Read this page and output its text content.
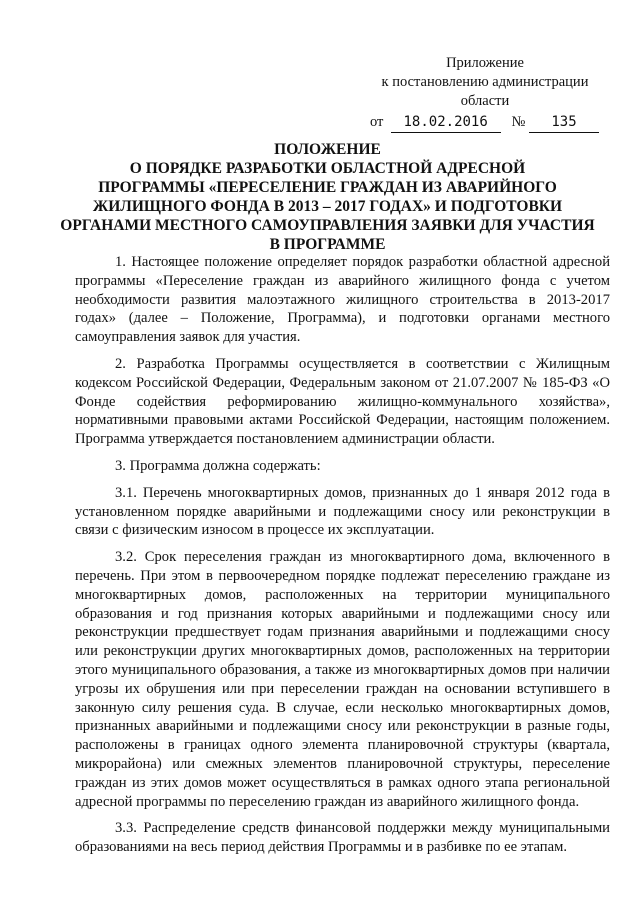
Приложение
к постановлению администрации
области
от 18.02.2016 № 135
ПОЛОЖЕНИЕ
О ПОРЯДКЕ РАЗРАБОТКИ ОБЛАСТНОЙ АДРЕСНОЙ
ПРОГРАММЫ «ПЕРЕСЕЛЕНИЕ ГРАЖДАН ИЗ АВАРИЙНОГО
ЖИЛИЩНОГО ФОНДА В 2013 – 2017 ГОДАХ» И ПОДГОТОВКИ
ОРГАНАМИ МЕСТНОГО САМОУПРАВЛЕНИЯ ЗАЯВКИ ДЛЯ УЧАСТИЯ
В ПРОГРАММЕ

1. Настоящее положение определяет порядок разработки областной адресной программы «Переселение граждан из аварийного жилищного фонда с учетом необходимости развития малоэтажного жилищного строительства в 2013-2017 годах» (далее – Положение, Программа), и подготовки органами местного самоуправления заявок для участия.

2. Разработка Программы осуществляется в соответствии с Жилищным кодексом Российской Федерации, Федеральным законом от 21.07.2007 № 185-ФЗ «О Фонде содействия реформированию жилищно-коммунального хозяйства», нормативными правовыми актами Российской Федерации, настоящим положением. Программа утверждается постановлением администрации области.

3. Программа должна содержать:

3.1. Перечень многоквартирных домов, признанных до 1 января 2012 года в установленном порядке аварийными и подлежащими сносу или реконструкции в связи с физическим износом в процессе их эксплуатации.

3.2. Срок переселения граждан из многоквартирного дома, включенного в перечень. При этом в первоочередном порядке подлежат переселению граждане из многоквартирных домов, расположенных на территории муниципального образования и год признания которых аварийными и подлежащими сносу или реконструкции предшествует годам признания аварийными и подлежащими сносу или реконструкции других многоквартирных домов, расположенных на территории этого муниципального образования, а также из многоквартирных домов при наличии угрозы их обрушения или при переселении граждан на основании вступившего в законную силу решения суда. В случае, если несколько многоквартирных домов, признанных аварийными и подлежащими сносу или реконструкции в разные годы, расположены в границах одного элемента планировочной структуры (квартала, микрорайона) или смежных элементов планировочной структуры, переселение граждан из этих домов может осуществляться в рамках одного этапа региональной адресной программы по переселению граждан из аварийного жилищного фонда.

3.3. Распределение средств финансовой поддержки между муниципальными образованиями на весь период действия Программы и в разбивке по ее этапам.
